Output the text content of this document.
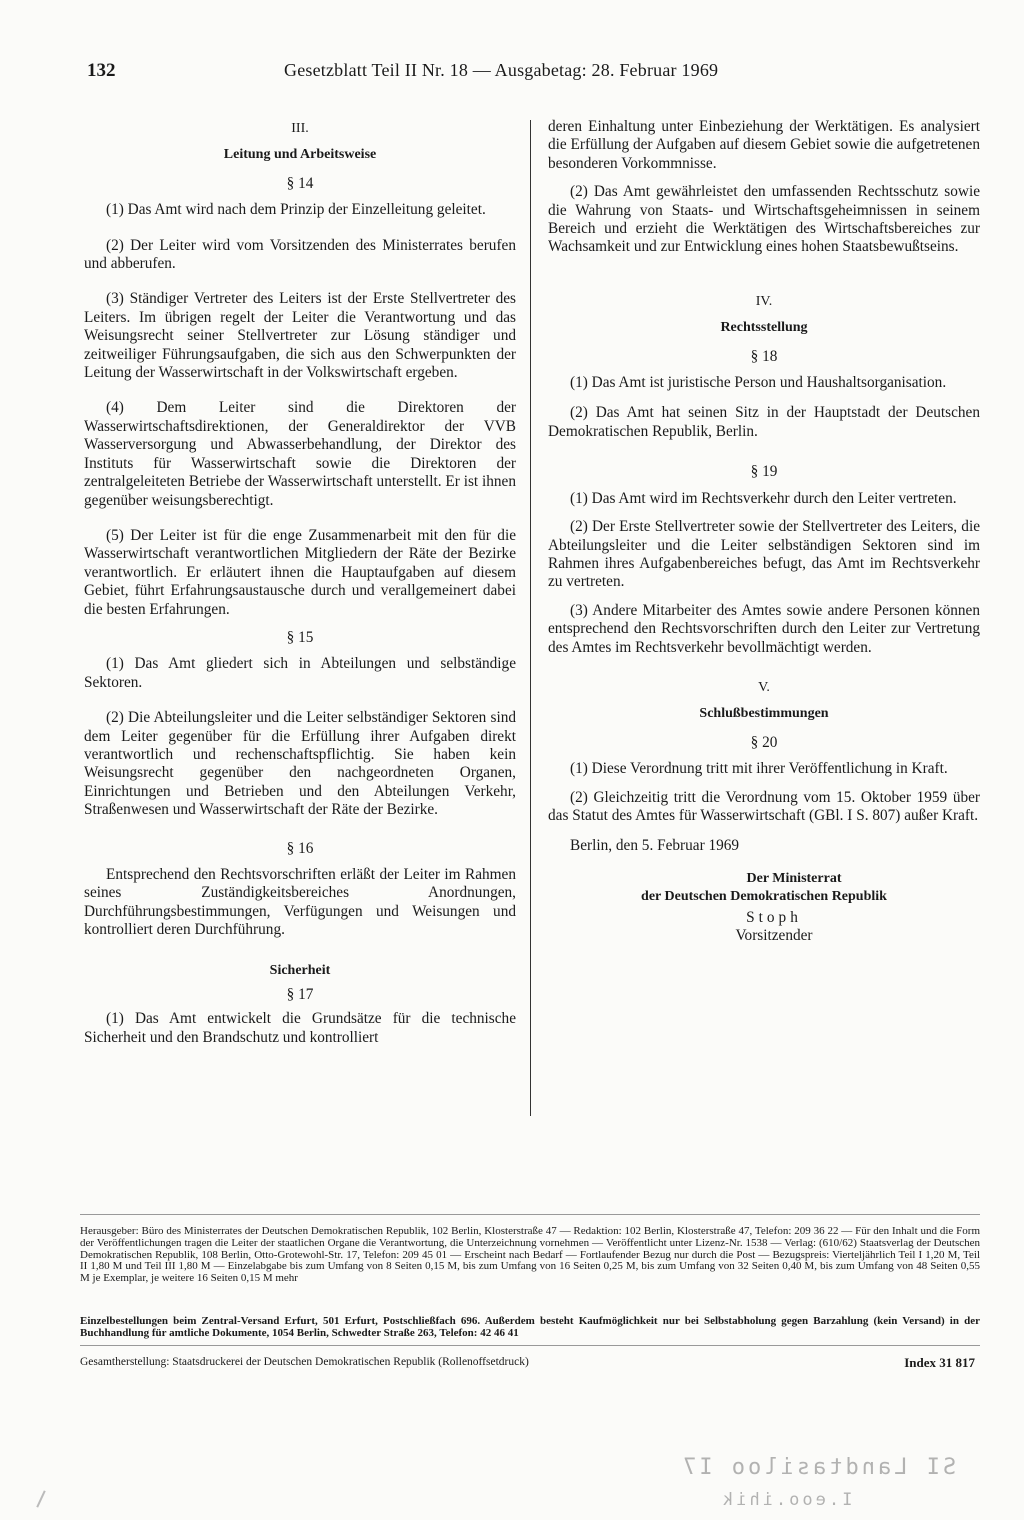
132	Gesetzblatt Teil II Nr. 18 — Ausgabetag: 28. Februar 1969
III.
Leitung und Arbeitsweise
§ 14
(1) Das Amt wird nach dem Prinzip der Einzelleitung geleitet.
(2) Der Leiter wird vom Vorsitzenden des Ministerrates berufen und abberufen.
(3) Ständiger Vertreter des Leiters ist der Erste Stellvertreter des Leiters. Im übrigen regelt der Leiter die Verantwortung und das Weisungsrecht seiner Stellvertreter zur Lösung ständiger und zeitweiliger Führungsaufgaben, die sich aus den Schwerpunkten der Leitung der Wasserwirtschaft in der Volkswirtschaft ergeben.
(4) Dem Leiter sind die Direktoren der Wasserwirtschaftsdirektionen, der Generaldirektor der VVB Wasserversorgung und Abwasserbehandlung, der Direktor des Instituts für Wasserwirtschaft sowie die Direktoren der zentralgeleiteten Betriebe der Wasserwirtschaft unterstellt. Er ist ihnen gegenüber weisungsberechtigt.
(5) Der Leiter ist für die enge Zusammenarbeit mit den für die Wasserwirtschaft verantwortlichen Mitgliedern der Räte der Bezirke verantwortlich. Er erläutert ihnen die Hauptaufgaben auf diesem Gebiet, führt Erfahrungsaustausche durch und verallgemeinert dabei die besten Erfahrungen.
§ 15
(1) Das Amt gliedert sich in Abteilungen und selbständige Sektoren.
(2) Die Abteilungsleiter und die Leiter selbständiger Sektoren sind dem Leiter gegenüber für die Erfüllung ihrer Aufgaben direkt verantwortlich und rechenschaftspflichtig. Sie haben kein Weisungsrecht gegenüber den nachgeordneten Organen, Einrichtungen und Betrieben und den Abteilungen Verkehr, Straßenwesen und Wasserwirtschaft der Räte der Bezirke.
§ 16
Entsprechend den Rechtsvorschriften erläßt der Leiter im Rahmen seines Zuständigkeitsbereiches Anordnungen, Durchführungsbestimmungen, Verfügungen und Weisungen und kontrolliert deren Durchführung.
Sicherheit
§ 17
(1) Das Amt entwickelt die Grundsätze für die technische Sicherheit und den Brandschutz und kontrolliert
deren Einhaltung unter Einbeziehung der Werktätigen. Es analysiert die Erfüllung der Aufgaben auf diesem Gebiet sowie die aufgetretenen besonderen Vorkommnisse.
(2) Das Amt gewährleistet den umfassenden Rechtsschutz sowie die Wahrung von Staats- und Wirtschaftsgeheimnissen in seinem Bereich und erzieht die Werktätigen des Wirtschaftsbereiches zur Wachsamkeit und zur Entwicklung eines hohen Staatsbewußtseins.
IV.
Rechtsstellung
§ 18
(1) Das Amt ist juristische Person und Haushaltsorganisation.
(2) Das Amt hat seinen Sitz in der Hauptstadt der Deutschen Demokratischen Republik, Berlin.
§ 19
(1) Das Amt wird im Rechtsverkehr durch den Leiter vertreten.
(2) Der Erste Stellvertreter sowie der Stellvertreter des Leiters, die Abteilungsleiter und die Leiter selbständigen Sektoren sind im Rahmen ihres Aufgabenbereiches befugt, das Amt im Rechtsverkehr zu vertreten.
(3) Andere Mitarbeiter des Amtes sowie andere Personen können entsprechend den Rechtsvorschriften durch den Leiter zur Vertretung des Amtes im Rechtsverkehr bevollmächtigt werden.
V.
Schlußbestimmungen
§ 20
(1) Diese Verordnung tritt mit ihrer Veröffentlichung in Kraft.
(2) Gleichzeitig tritt die Verordnung vom 15. Oktober 1959 über das Statut des Amtes für Wasserwirtschaft (GBl. I S. 807) außer Kraft.
Berlin, den 5. Februar 1969
Der Ministerrat
der Deutschen Demokratischen Republik
Stoph
Vorsitzender
Herausgeber: Büro des Ministerrates der Deutschen Demokratischen Republik, 102 Berlin, Klosterstraße 47 — Redaktion: 102 Berlin, Klosterstraße 47, Telefon: 209 36 22 — Für den Inhalt und die Form der Veröffentlichungen tragen die Leiter der staatlichen Organe die Verantwortung, die Unterzeichnung vornehmen — Veröffentlicht unter Lizenz-Nr. 1538 — Verlag: (610/62) Staatsverlag der Deutschen Demokratischen Republik, 108 Berlin, Otto-Grotewohl-Str. 17, Telefon: 209 45 01 — Erscheint nach Bedarf — Fortlaufender Bezug nur durch die Post — Bezugspreis: Vierteljährlich Teil I 1,20 M, Teil II 1,80 M und Teil III 1,80 M — Einzelabgabe bis zum Umfang von 8 Seiten 0,15 M, bis zum Umfang von 16 Seiten 0,25 M, bis zum Umfang von 32 Seiten 0,40 M, bis zum Umfang von 48 Seiten 0,55 M je Exemplar, je weitere 16 Seiten 0,15 M mehr
Einzelbestellungen beim Zentral-Versand Erfurt, 501 Erfurt, Postschließfach 696. Außerdem besteht Kaufmöglichkeit nur bei Selbstabholung gegen Barzahlung (kein Versand) in der Buchhandlung für amtliche Dokumente, 1054 Berlin, Schwedter Straße 263, Telefon: 42 46 41
Gesamtherstellung: Staatsdruckerei der Deutschen Demokratischen Republik (Rollenoffsetdruck)	Index 31 817
SI Landtasiloo I7
I.eoo.ihik
